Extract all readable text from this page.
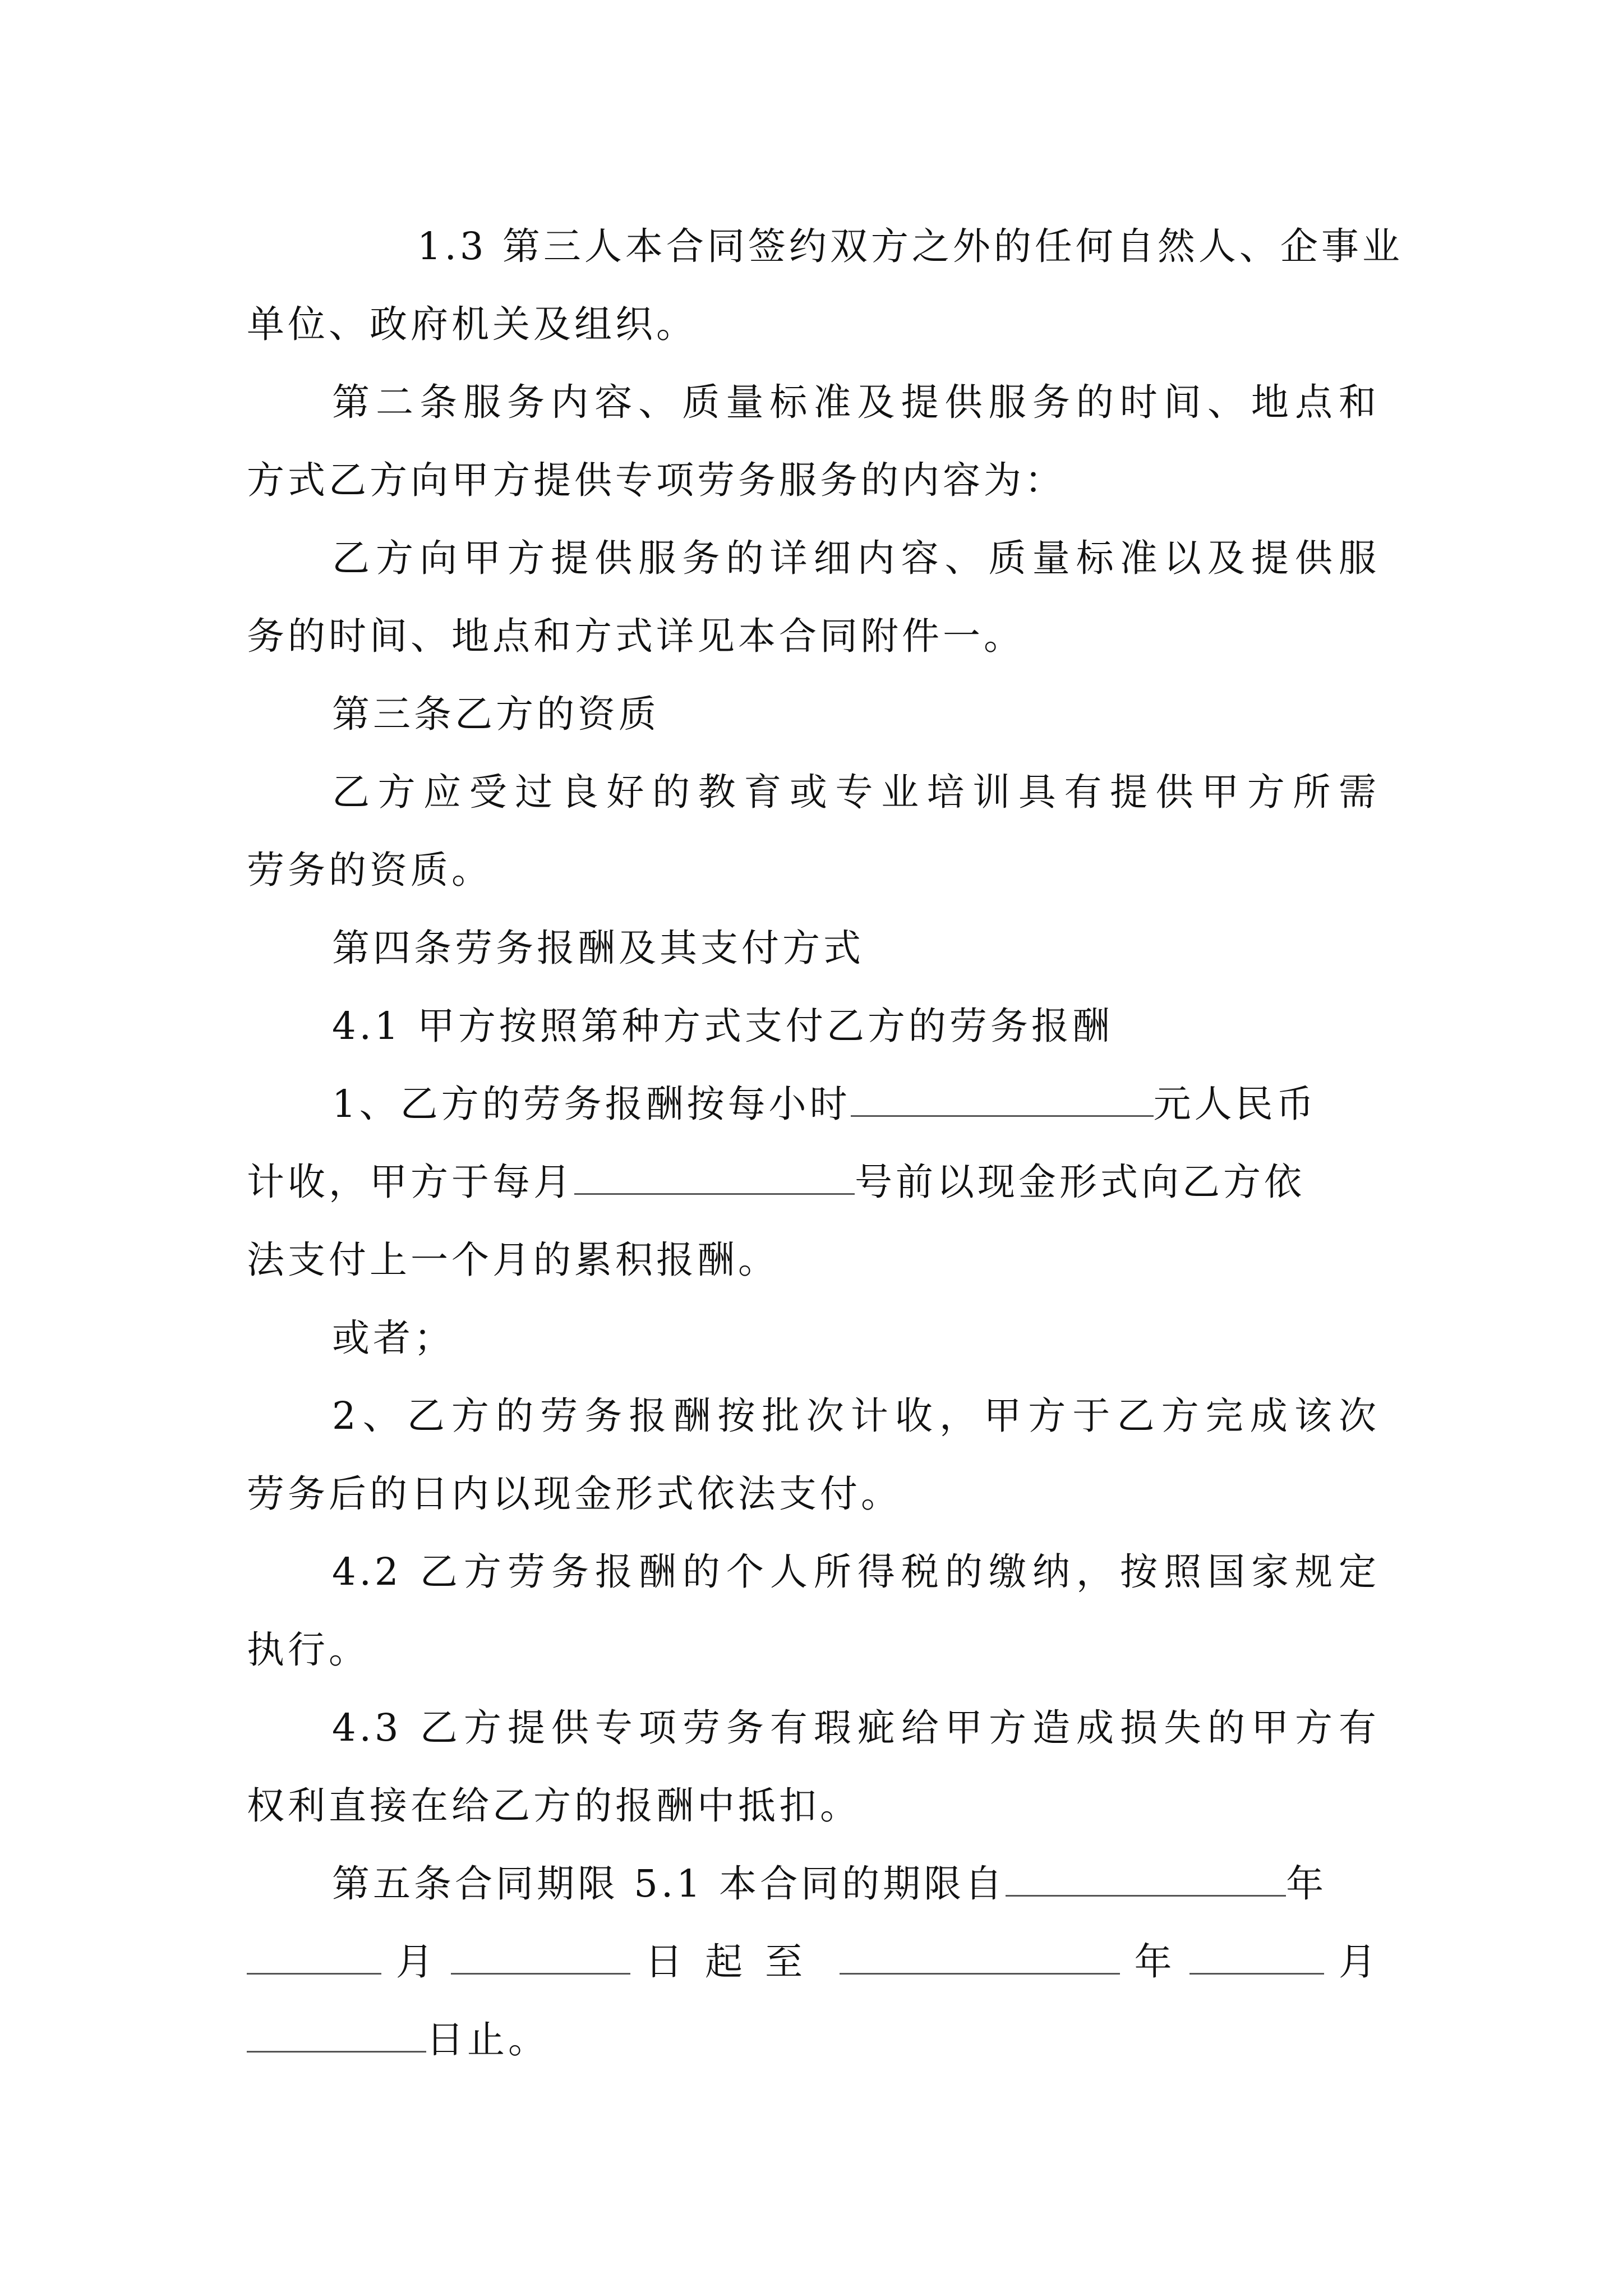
1.3 第三人本合同签约双方之外的任何自然人、企事业
单位、政府机关及组织。
第二条服务内容、质量标准及提供服务的时间、地点和
方式乙方向甲方提供专项劳务服务的内容为：
乙方向甲方提供服务的详细内容、质量标准以及提供服
务的时间、地点和方式详见本合同附件一。
第三条乙方的资质
乙方应受过良好的教育或专业培训具有提供甲方所需
劳务的资质。
第四条劳务报酬及其支付方式
4.1 甲方按照第种方式支付乙方的劳务报酬
1、乙方的劳务报酬按每小时	元人民币
计收，甲方于每月	号前以现金形式向乙方依
法支付上一个月的累积报酬。
或者；
2、乙方的劳务报酬按批次计收，甲方于乙方完成该次
劳务后的日内以现金形式依法支付。
4.2 乙方劳务报酬的个人所得税的缴纳，按照国家规定
执行。
4.3 乙方提供专项劳务有瑕疵给甲方造成损失的甲方有
权利直接在给乙方的报酬中抵扣。
第五条合同期限 5.1 本合同的期限自	年
月	日起至	年	月
日止。
